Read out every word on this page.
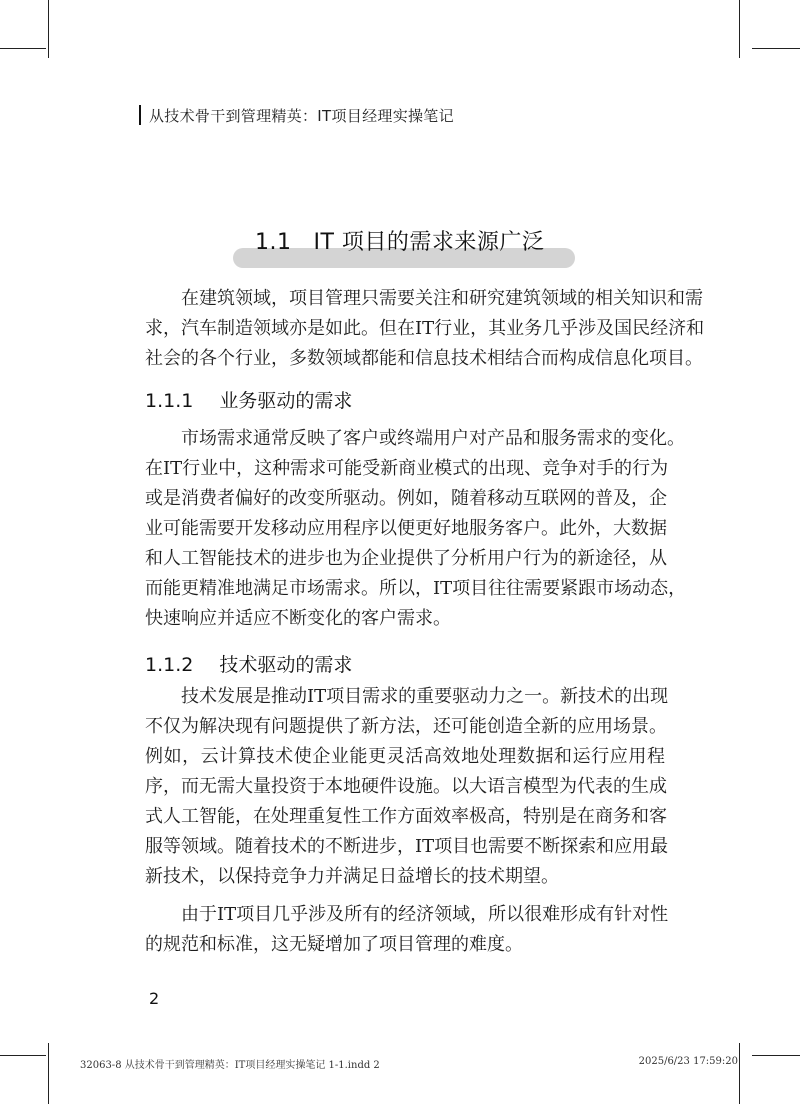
从技术骨干到管理精英：IT项目经理实操笔记
1.1 IT 项目的需求来源广泛
在建筑领域，项目管理只需要关注和研究建筑领域的相关知识和需
求，汽车制造领域亦是如此。但在IT行业，其业务几乎涉及国民经济和
社会的各个行业，多数领域都能和信息技术相结合而构成信息化项目。
1.1.1 业务驱动的需求
市场需求通常反映了客户或终端用户对产品和服务需求的变化。
在IT行业中，这种需求可能受新商业模式的出现、竞争对手的行为
或是消费者偏好的改变所驱动。例如，随着移动互联网的普及，企
业可能需要开发移动应用程序以便更好地服务客户。此外，大数据
和人工智能技术的进步也为企业提供了分析用户行为的新途径，从
而能更精准地满足市场需求。所以，IT项目往往需要紧跟市场动态，
快速响应并适应不断变化的客户需求。
1.1.2 技术驱动的需求
技术发展是推动IT项目需求的重要驱动力之一。新技术的出现
不仅为解决现有问题提供了新方法，还可能创造全新的应用场景。
例如，云计算技术使企业能更灵活高效地处理数据和运行应用程
序，而无需大量投资于本地硬件设施。以大语言模型为代表的生成
式人工智能，在处理重复性工作方面效率极高，特别是在商务和客
服等领域。随着技术的不断进步，IT项目也需要不断探索和应用最
新技术，以保持竞争力并满足日益增长的技术期望。
由于IT项目几乎涉及所有的经济领域，所以很难形成有针对性
的规范和标准，这无疑增加了项目管理的难度。
2
32063-8 从技术骨干到管理精英：IT项目经理实操笔记 1-1.indd 2	2025/6/23 17:59:20
